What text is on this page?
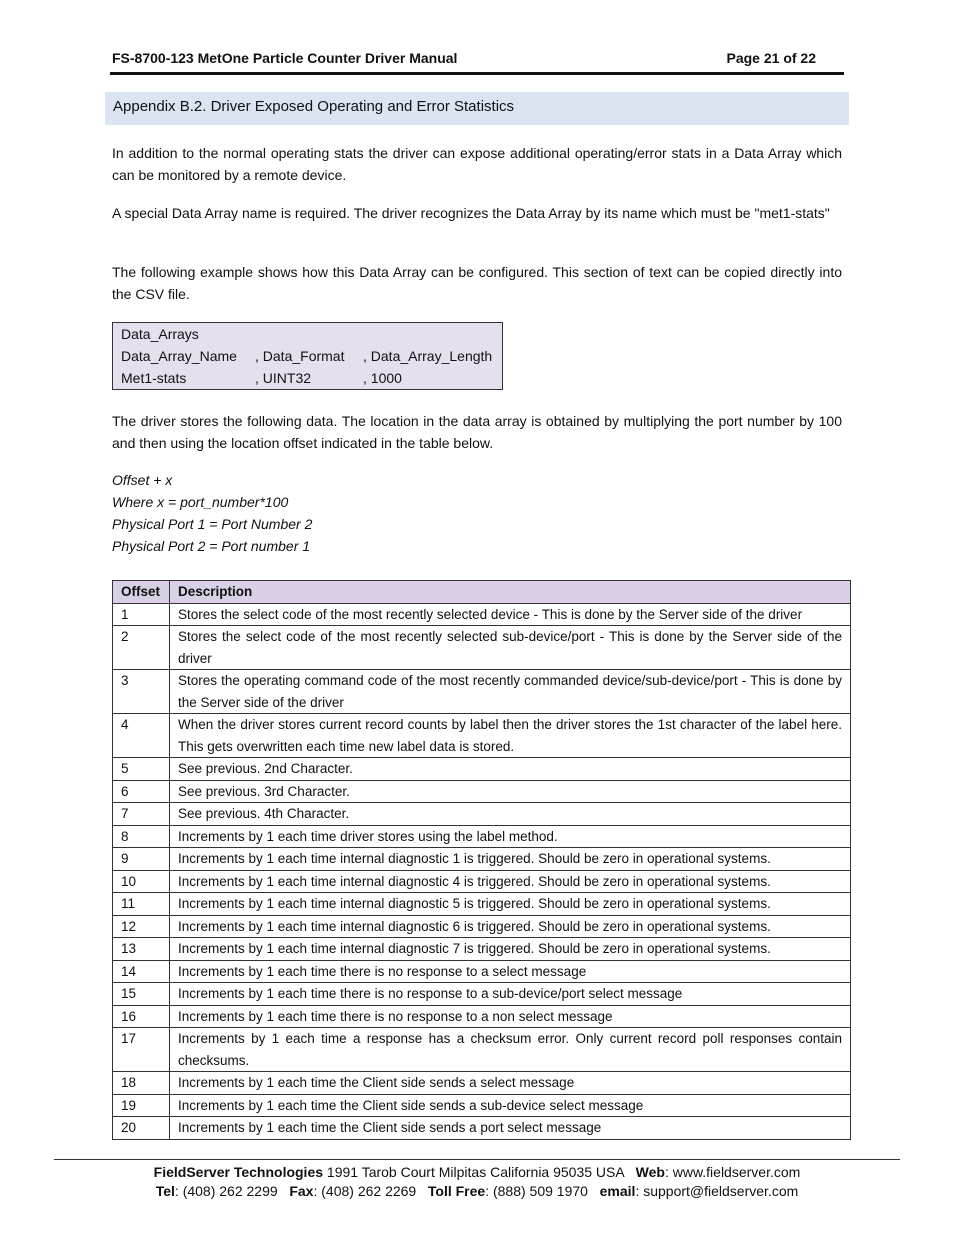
FS-8700-123 MetOne Particle Counter Driver Manual	Page 21 of 22
Appendix B.2. Driver Exposed Operating and Error Statistics
In addition to the normal operating stats the driver can expose additional operating/error stats in a Data Array which can be monitored by a remote device.
A special Data Array name is required. The driver recognizes the Data Array by its name which must be "met1-stats"
The following example shows how this Data Array can be configured. This section of text can be copied directly into the CSV file.
Data_Arrays
Data_Array_Name , Data_Format , Data_Array_Length
Met1-stats	, UINT32	, 1000
The driver stores the following data. The location in the data array is obtained by multiplying the port number by 100 and then using the location offset indicated in the table below.
Offset + x
Where x = port_number*100
Physical Port 1 = Port Number 2
Physical Port 2 = Port number 1
Offset	Description
1	Stores the select code of the most recently selected device - This is done by the Server side of the driver
2	Stores the select code of the most recently selected sub-device/port - This is done by the Server side of the driver
3	Stores the operating command code of the most recently commanded device/sub-device/port - This is done by the Server side of the driver
4	When the driver stores current record counts by label then the driver stores the 1st character of the label here. This gets overwritten each time new label data is stored.
5	See previous. 2nd Character.
6	See previous. 3rd Character.
7	See previous. 4th Character.
8	Increments by 1 each time driver stores using the label method.
9	Increments by 1 each time internal diagnostic 1 is triggered. Should be zero in operational systems.
10	Increments by 1 each time internal diagnostic 4 is triggered. Should be zero in operational systems.
11	Increments by 1 each time internal diagnostic 5 is triggered. Should be zero in operational systems.
12	Increments by 1 each time internal diagnostic 6 is triggered. Should be zero in operational systems.
13	Increments by 1 each time internal diagnostic 7 is triggered. Should be zero in operational systems.
14	Increments by 1 each time there is no response to a select message
15	Increments by 1 each time there is no response to a sub-device/port select message
16	Increments by 1 each time there is no response to a non select message
17	Increments by 1 each time a response has a checksum error. Only current record poll responses contain checksums.
18	Increments by 1 each time the Client side sends a select message
19	Increments by 1 each time the Client side sends a sub-device select message
20	Increments by 1 each time the Client side sends a port select message
FieldServer Technologies 1991 Tarob Court Milpitas California 95035 USA   Web: www.fieldserver.com
Tel: (408) 262 2299   Fax: (408) 262 2269   Toll Free: (888) 509 1970   email: support@fieldserver.com
